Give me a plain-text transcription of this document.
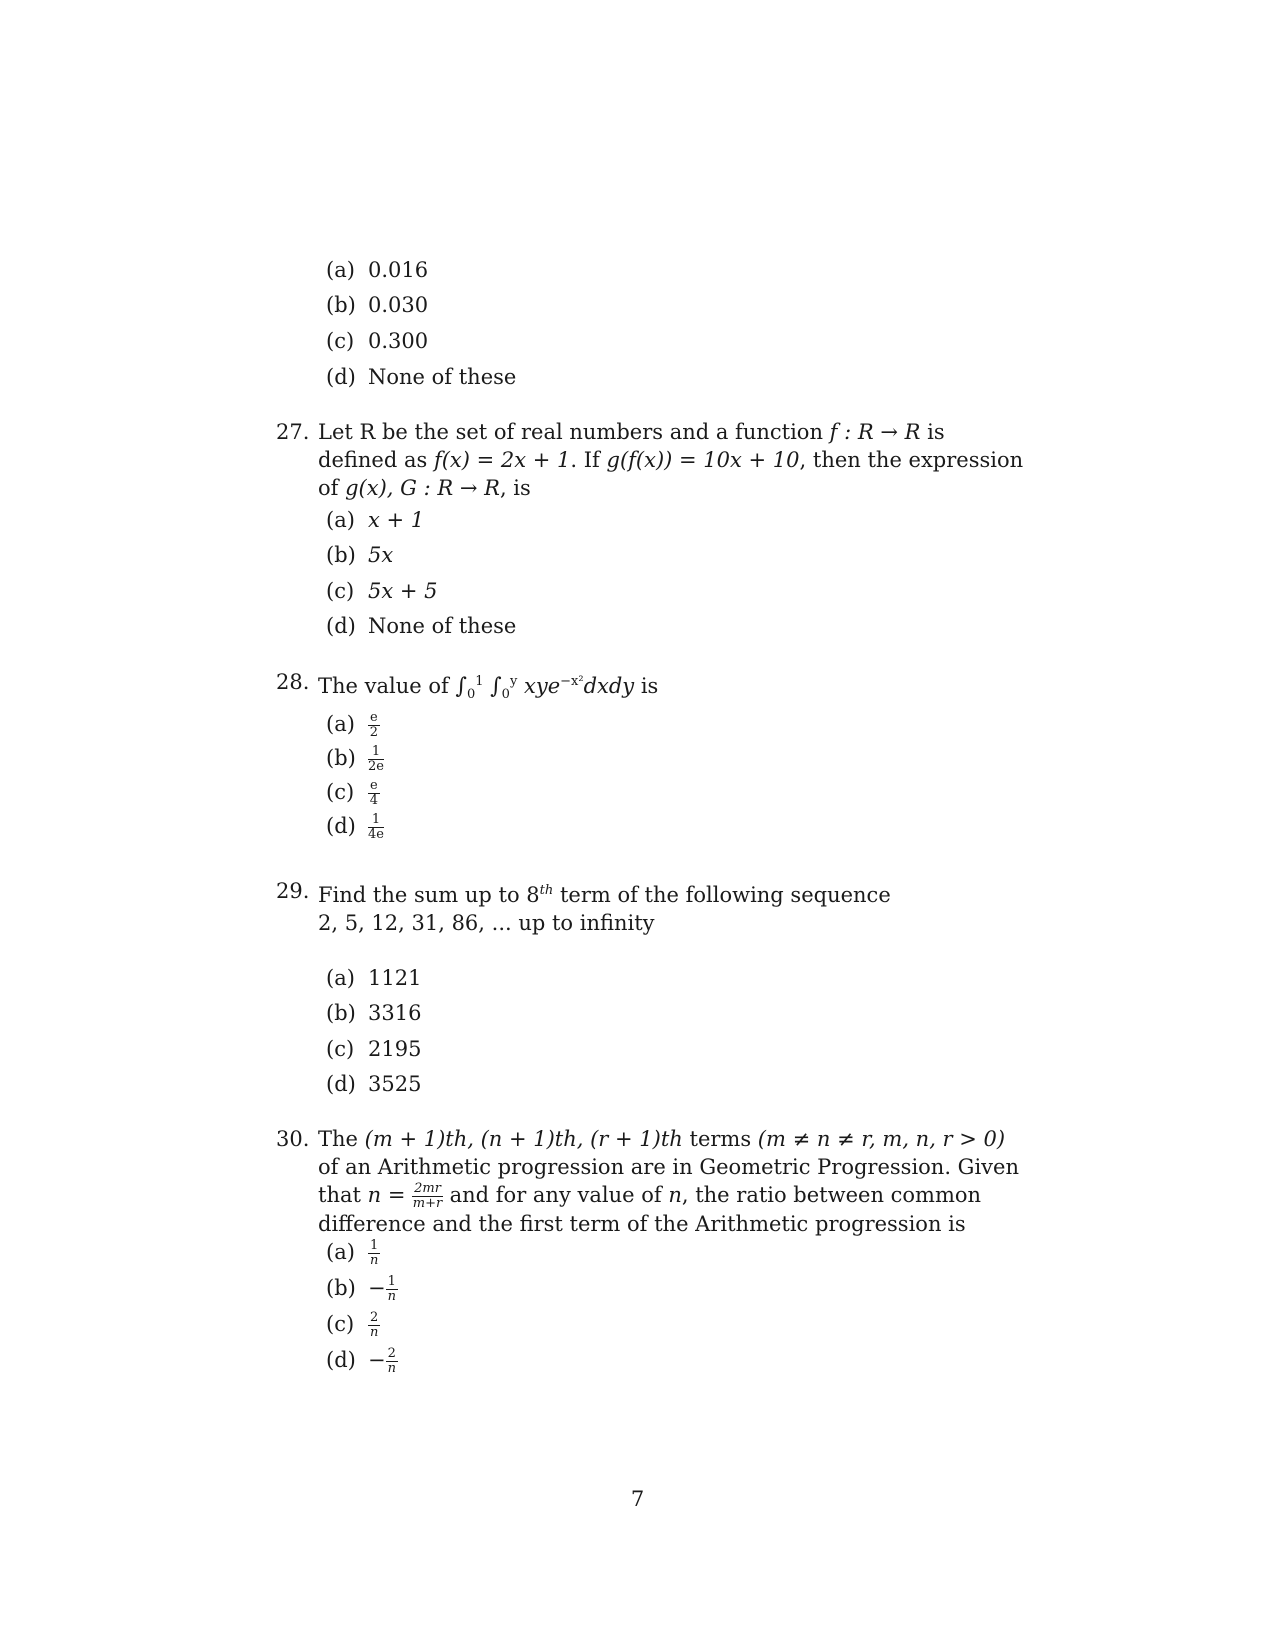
(a) 0.016
(b) 0.030
(c) 0.300
(d) None of these
27. Let R be the set of real numbers and a function f : R → R is defined as f(x) = 2x + 1. If g(f(x)) = 10x + 10, then the expression of g(x), G : R → R, is
(a) x + 1
(b) 5x
(c) 5x + 5
(d) None of these
28. The value of $\int_0^1$ $\int_0^y$ xye$^{-x^2}$dxdy is
$(a) \frac{e}{2}$
$(b) \frac{1}{2e}$
$(c) \frac{e}{4}$
$(d) \frac{1}{4e}$
29. Find the sum up to 8th term of the following sequence
2, 5, 12, 31, 86, ... up to infinity
(a) 1121
(b) 3316
(c) 2195
(d) 3525
30. The (m + 1)th, (n + 1)th, (r + 1)th terms (m ≠ n ≠ r, m, n, r > 0) of an Arithmetic progression are in Geometric Progression. Given that $n = \frac{2mr}{m+r}$ and for any value of n, the ratio between common difference and the first term of the Arithmetic progression is
$(a) \frac{1}{n}$
$(b) - \frac{1}{n}$
$(c) \frac{2}{n}$
$(d) - \frac{2}{n}$
7
